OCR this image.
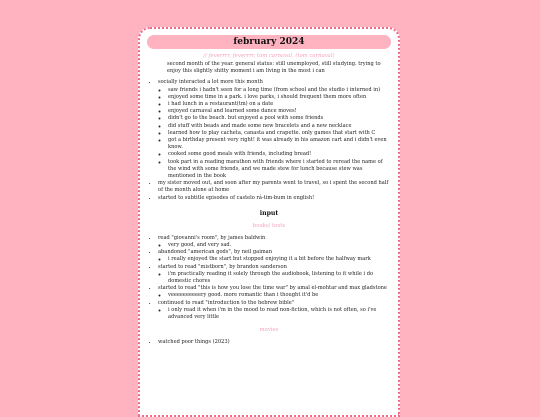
february 2024
// feverrrr, feverrrr, tom carnaval, (tom carnaval)
second month of the year. general status: still unemployed, still studying. trying to enjoy this slightly shitty moment i am living in the most i can
• socially interacted a lot more this month
◦ saw friends i hadn't seen for a long time (from school and the studio i interned in)
◦ enjoyed some time in a park. i love parks, i should frequent them more often
◦ i had lunch in a restaurant(tm) on a date
◦ enjoyed carnaval and learned some dance moves!
◦ didn't go to the beach. but enjoyed a pool with some friends
◦ did stuff with beads and made some new bracelets and a new necklace
◦ learned how to play cacheta, canasta and crapette. only games that start with C
◦ got a birthday present very right! it was already in his amazon cart and i didn't even know.
◦ cooked some good meals with friends, including bread!
◦ took part in a reading marathon with friends where i started to reread the name of the wind with some friends, and we made stew for lunch because stew was mentioned in the book
• my sister moved out, and soon after my parents went to travel, so i spent the second half of the month alone at home
• started to subtitle episodes of castelo rá-tim-bum in english!
input
books/ texts
• read "giovanni's room", by james baldwin
◦ very good, and very sad.
• abandoned "american gods", by neil gaiman
◦ i really enjoyed the start but stopped enjoying it a bit before the halfway mark
• started to read "mistborn", by brandon sanderson
◦ i'm practically reading it solely through the audiobook, listening to it while i do domestic chores
• started to read "this is how you lose the time war" by amal el-mohtar and max gladstone
◦ veeeeeeeeeery good. more romantic than i thought it'd be
• continued to read "introduction to the hebrew bible"
◦ i only read it when i'm in the mood to read non-fiction, which is not often, so i've advanced very little
movies
• watched poor things (2023)
